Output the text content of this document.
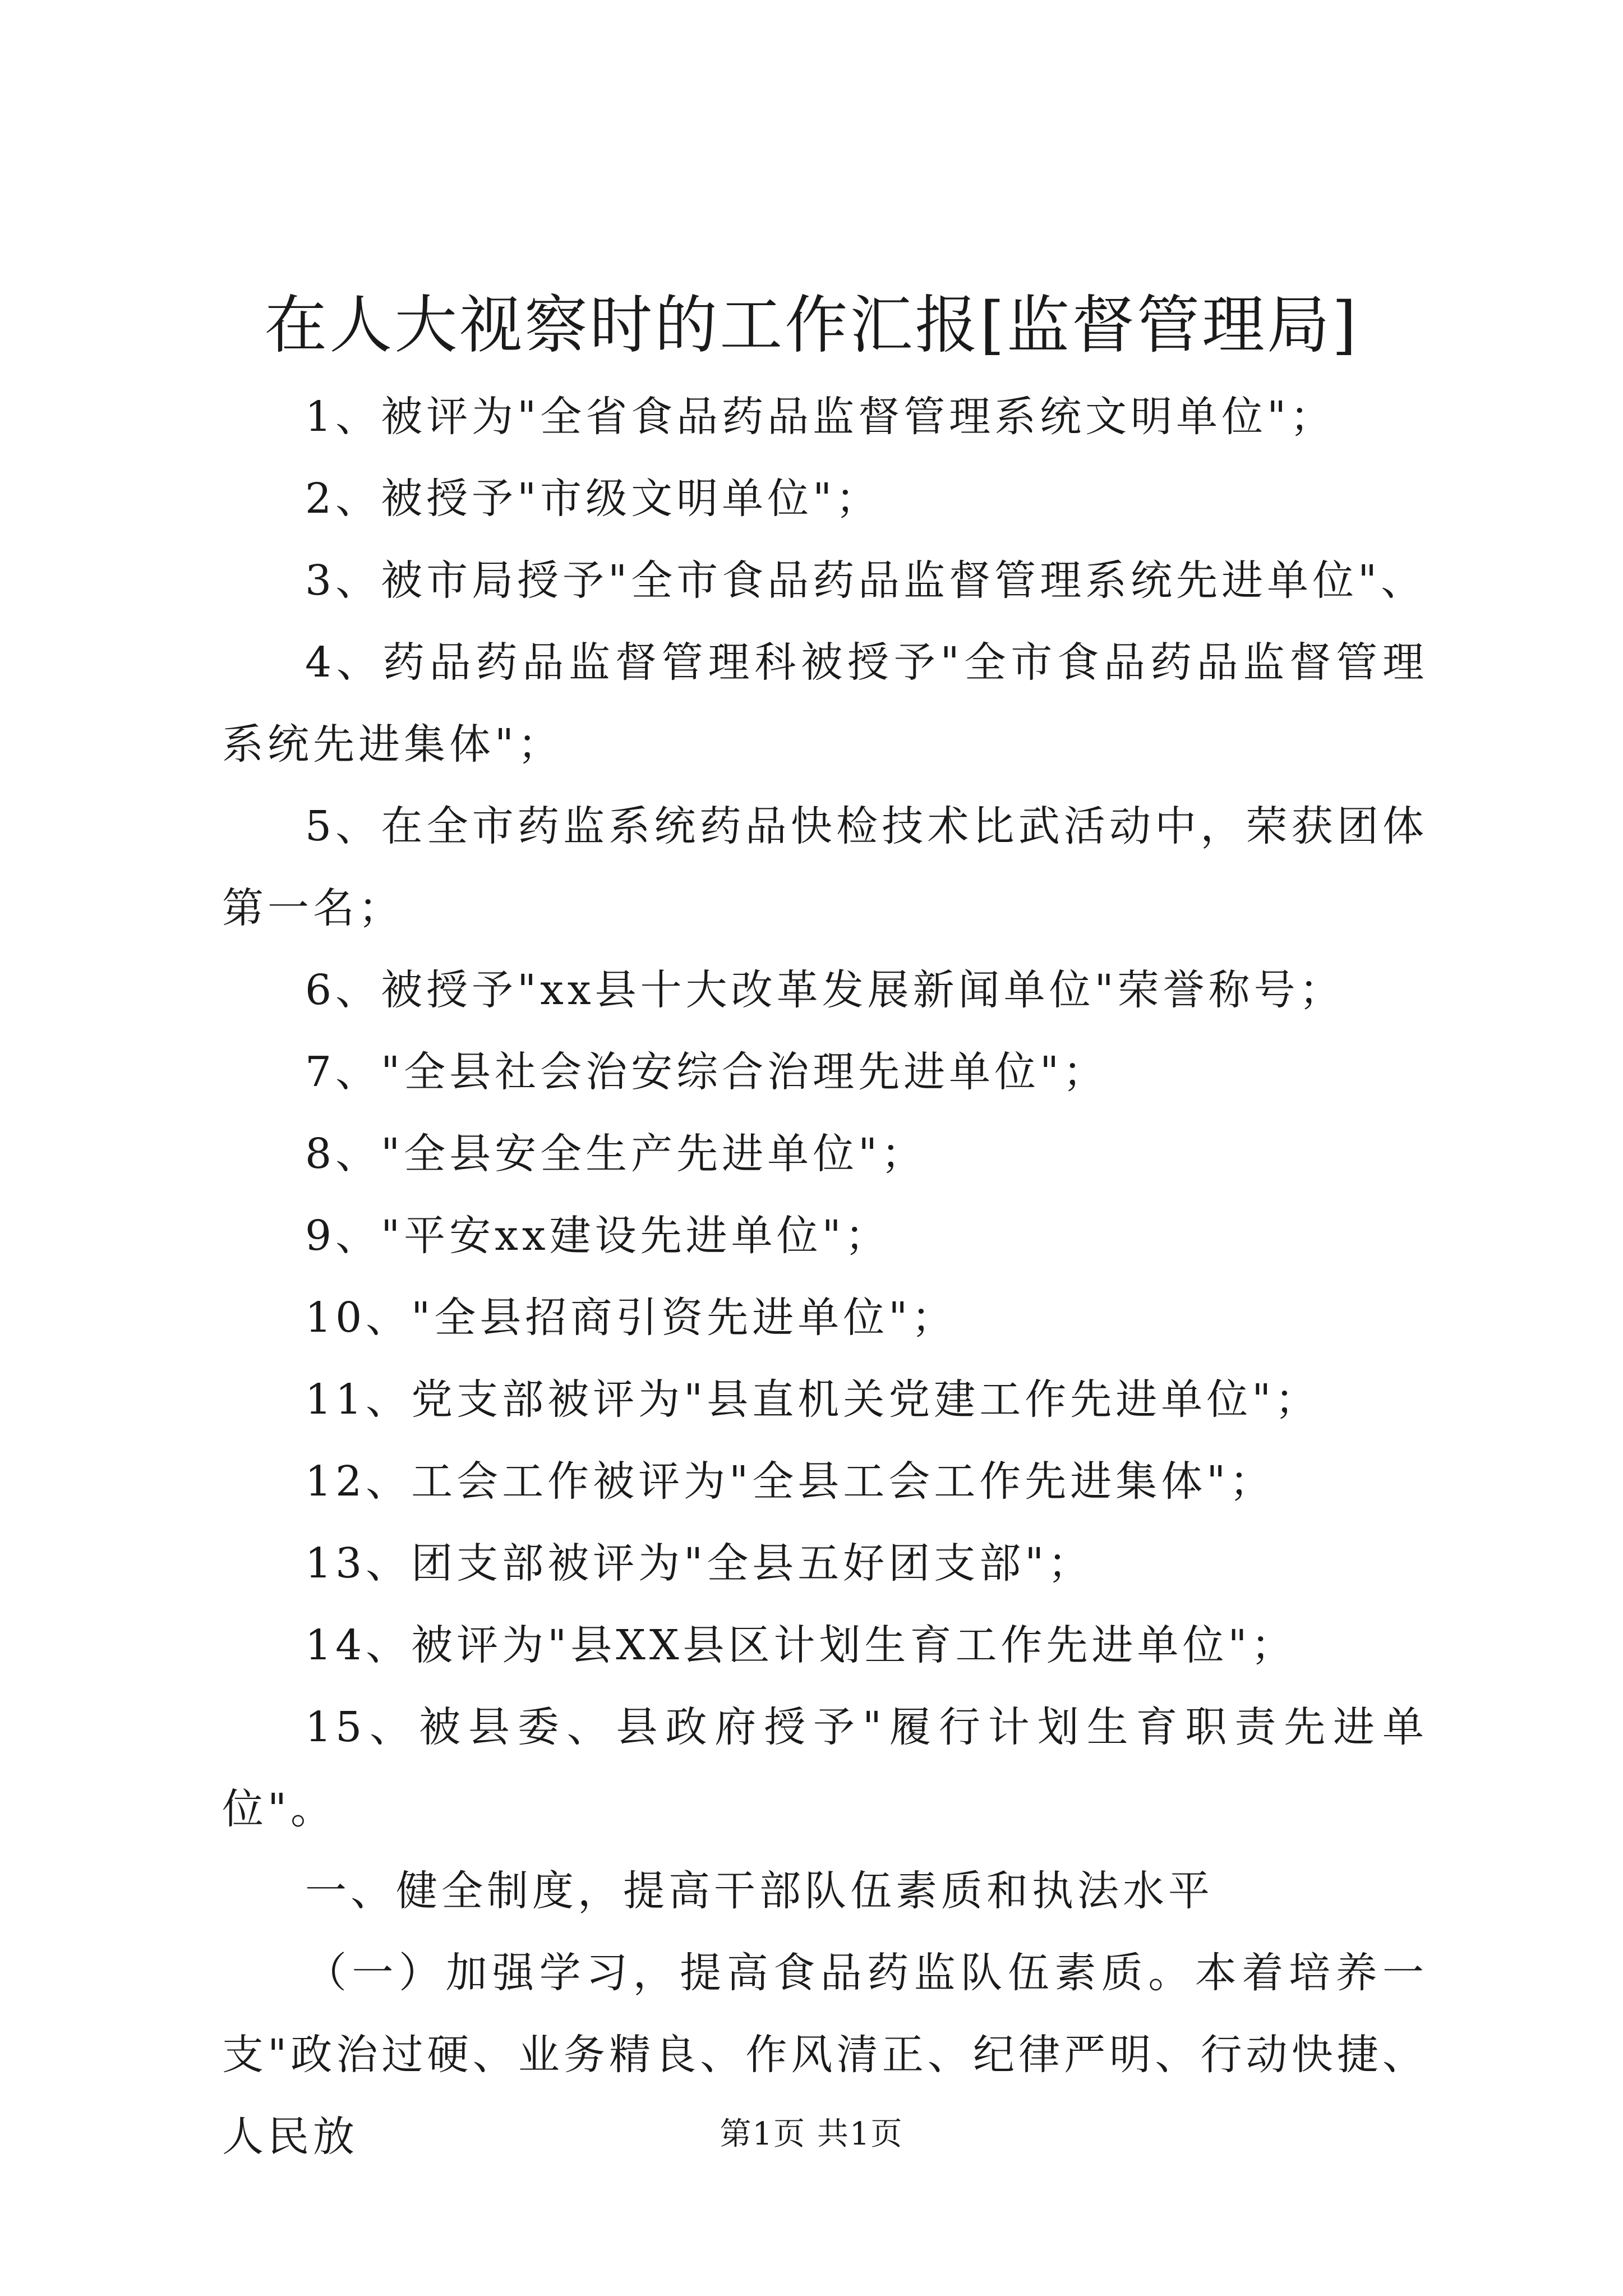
在人大视察时的工作汇报[监督管理局]

1、被评为"全省食品药品监督管理系统文明单位"；

2、被授予"市级文明单位"；

3、被市局授予"全市食品药品监督管理系统先进单位"、

4、药品药品监督管理科被授予"全市食品药品监督管理系统先进集体"；

5、在全市药监系统药品快检技术比武活动中，荣获团体第一名；

6、被授予"xx县十大改革发展新闻单位"荣誉称号；

7、"全县社会治安综合治理先进单位"；

8、"全县安全生产先进单位"；

9、"平安xx建设先进单位"；

10、"全县招商引资先进单位"；

11、党支部被评为"县直机关党建工作先进单位"；

12、工会工作被评为"全县工会工作先进集体"；

13、团支部被评为"全县五好团支部"；

14、被评为"县XX县区计划生育工作先进单位"；

15、被县委、县政府授予"履行计划生育职责先进单位"。

一、健全制度，提高干部队伍素质和执法水平

（一）加强学习，提高食品药监队伍素质。本着培养一支"政治过硬、业务精良、作风清正、纪律严明、行动快捷、人民放	第1页 共1页
